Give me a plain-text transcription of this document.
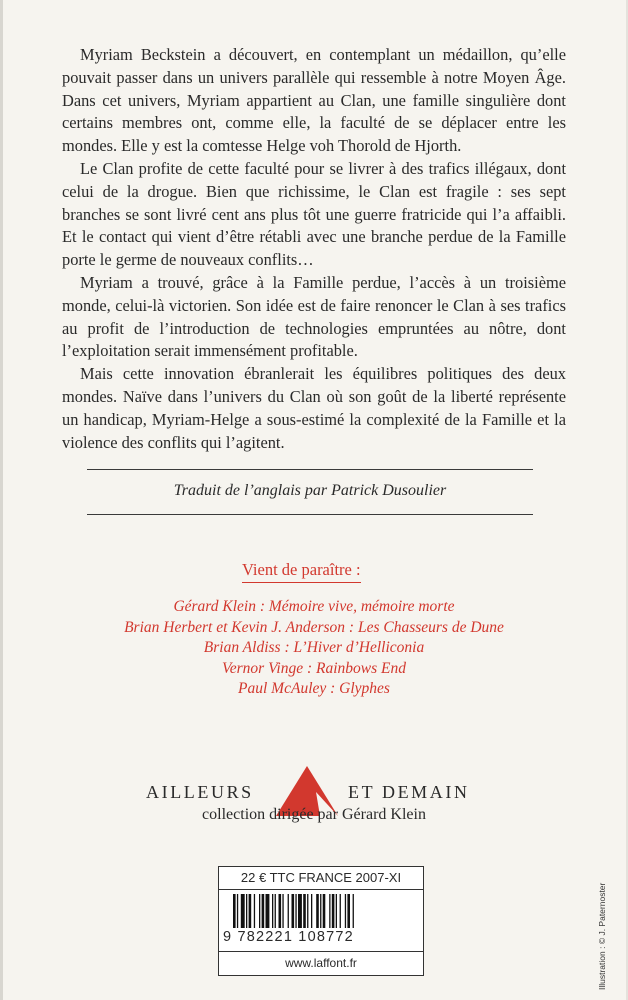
Myriam Beckstein a découvert, en contemplant un médaillon, qu’elle pouvait passer dans un univers parallèle qui ressemble à notre Moyen Âge. Dans cet univers, Myriam appartient au Clan, une famille singulière dont certains membres ont, comme elle, la faculté de se déplacer entre les mondes. Elle y est la comtesse Helge voh Thorold de Hjorth.

Le Clan profite de cette faculté pour se livrer à des trafics illégaux, dont celui de la drogue. Bien que richissime, le Clan est fragile : ses sept branches se sont livré cent ans plus tôt une guerre fratricide qui l’a affaibli. Et le contact qui vient d’être rétabli avec une branche perdue de la Famille porte le germe de nouveaux conflits…

Myriam a trouvé, grâce à la Famille perdue, l’accès à un troisième monde, celui-là victorien. Son idée est de faire renoncer le Clan à ses trafics au profit de l’introduction de technologies empruntées au nôtre, dont l’exploitation serait immensément profitable.

Mais cette innovation ébranlerait les équilibres politiques des deux mondes. Naïve dans l’univers du Clan où son goût de la liberté représente un handicap, Myriam-Helge a sous-estimé la complexité de la Famille et la violence des conflits qui l’agitent.

Traduit de l’anglais par Patrick Dusoulier
Vient de paraître :
Gérard Klein : Mémoire vive, mémoire morte
Brian Herbert et Kevin J. Anderson : Les Chasseurs de Dune
Brian Aldiss : L’Hiver d’Helliconia
Vernor Vinge : Rainbows End
Paul McAuley : Glyphes
AILLEURS	ET DEMAIN
collection dirigée par Gérard Klein
22 € TTC FRANCE 2007-XI
9 782221 108772
www.laffont.fr	Illustration : © J. Paternoster
